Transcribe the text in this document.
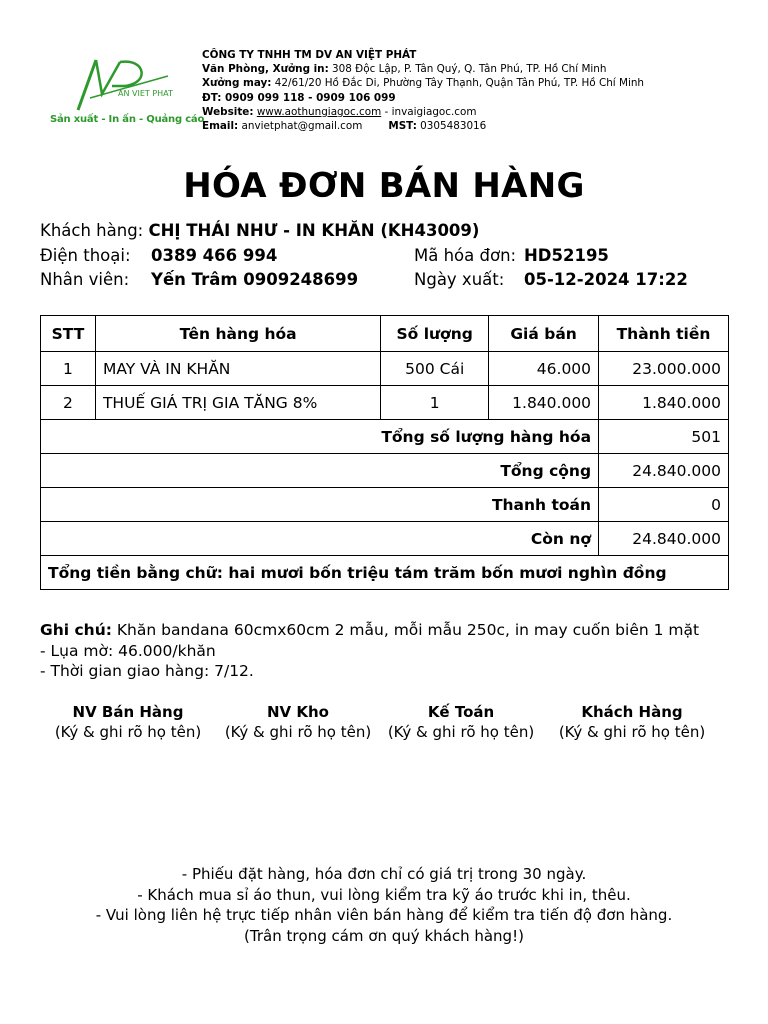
AN VIET PHAT
Sản xuất - In ấn - Quảng cáo
CÔNG TY TNHH TM DV AN VIỆT PHÁT
Văn Phòng, Xưởng in: 308 Độc Lập, P. Tân Quý, Q. Tân Phú, TP. Hồ Chí Minh
Xưởng may: 42/61/20 Hồ Đắc Di, Phường Tây Thạnh, Quận Tân Phú, TP. Hồ Chí Minh
ĐT: 0909 099 118 - 0909 106 099
Website: www.aothungiagoc.com - invaigiagoc.com
Email: anvietphat@gmail.com	MST: 0305483016
HÓA ĐƠN BÁN HÀNG
Khách hàng: CHỊ THÁI NHƯ - IN KHĂN (KH43009)
Điện thoại: 0389 466 994
Nhân viên: Yến Trâm 0909248699
Mã hóa đơn: HD52195
Ngày xuất: 05-12-2024 17:22
STT	Tên hàng hóa	Số lượng	Giá bán	Thành tiền
1	MAY VÀ IN KHĂN	500 Cái	46.000	23.000.000
2	THUẾ GIÁ TRỊ GIA TĂNG 8%	1	1.840.000	1.840.000
Tổng số lượng hàng hóa				501
Tổng cộng				24.840.000
Thanh toán				0
Còn nợ				24.840.000
Tổng tiền bằng chữ: hai mươi bốn triệu tám trăm bốn mươi nghìn đồng				
Ghi chú: Khăn bandana 60cmx60cm 2 mẫu, mỗi mẫu 250c, in may cuốn biên 1 mặt
- Lụa mờ: 46.000/khăn
- Thời gian giao hàng: 7/12.
NV Bán Hàng
(Ký & ghi rõ họ tên)
NV Kho
(Ký & ghi rõ họ tên)
Kế Toán
(Ký & ghi rõ họ tên)
Khách Hàng
(Ký & ghi rõ họ tên)
- Phiếu đặt hàng, hóa đơn chỉ có giá trị trong 30 ngày.
- Khách mua sỉ áo thun, vui lòng kiểm tra kỹ áo trước khi in, thêu.
- Vui lòng liên hệ trực tiếp nhân viên bán hàng để kiểm tra tiến độ đơn hàng.
(Trân trọng cám ơn quý khách hàng!)
